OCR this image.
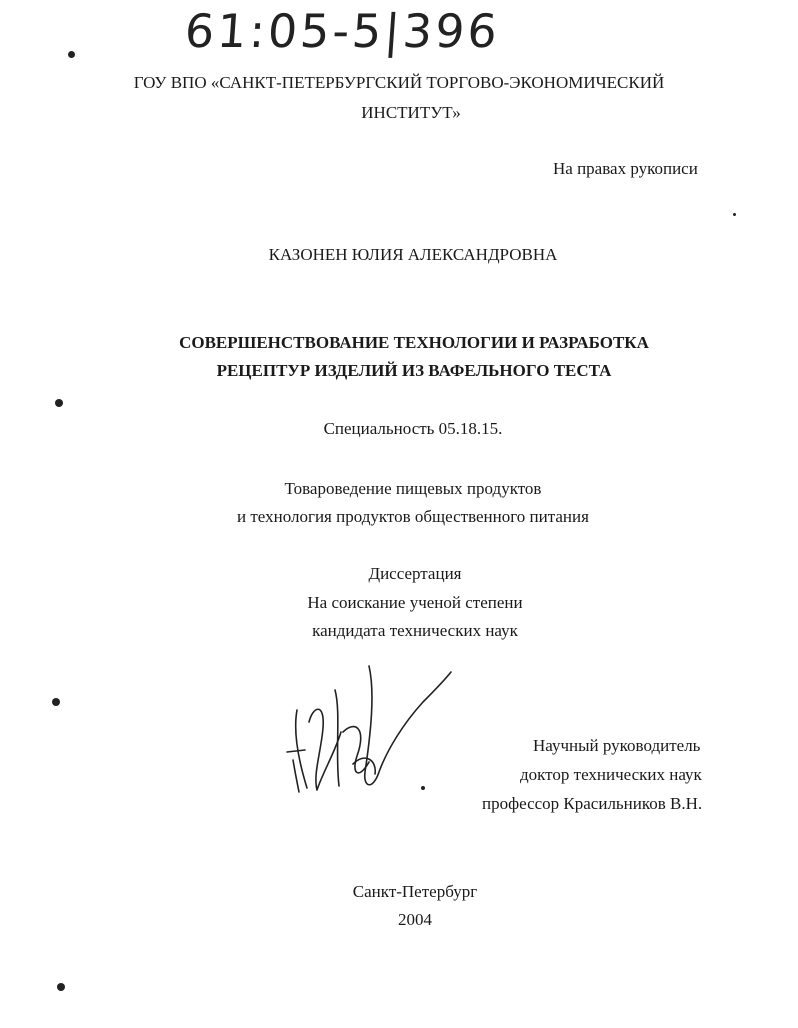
61:05-5|396
ГОУ ВПО «САНКТ-ПЕТЕРБУРГСКИЙ ТОРГОВО-ЭКОНОМИЧЕСКИЙ
ИНСТИТУТ»
На правах рукописи
КАЗОНЕН ЮЛИЯ АЛЕКСАНДРОВНА
СОВЕРШЕНСТВОВАНИЕ ТЕХНОЛОГИИ И РАЗРАБОТКА
РЕЦЕПТУР ИЗДЕЛИЙ ИЗ ВАФЕЛЬНОГО ТЕСТА
Специальность 05.18.15.
Товароведение пищевых продуктов
и технология продуктов общественного питания
Диссертация
На соискание ученой степени
кандидата технических наук
Научный руководитель
доктор технических наук
профессор Красильников В.Н.
Санкт-Петербург
2004
